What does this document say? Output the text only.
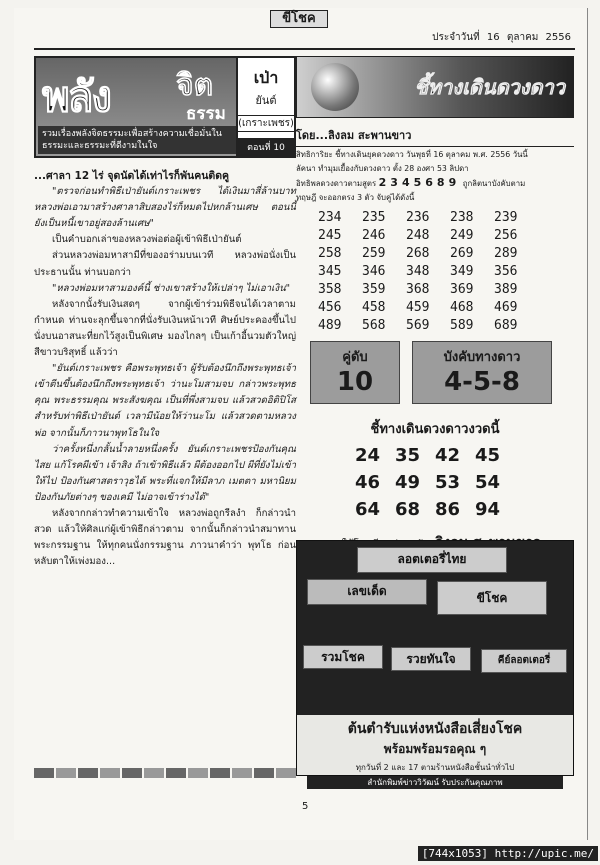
ขีโชค
ประจำวันที่ 16 ตุลาคม 2556
พลัง จิต
ธรรม
รวมเรื่องพลังจิตธรรมะเพื่อสร้างความเชื่อมั่นในธรรมะและธรรมะที่ดีงามในใจ
เป่า
ยันต์
(เกราะเพชร)
ตอนที่ 10
...ศาลา 12 ไร่ จุดนัดได้เท่าไรก็พันคนติดคู

"ตรวจก่อนทำพิธีเป่ายันต์เกราะเพชร ได้เงินมาสี่ล้านบาท หลวงพ่อเอามาสร้างศาลาสิบสองไร่ก็หมดไปหกล้านเศษ ตอนนี้ยังเป็นหนี้เขาอยู่สองล้านเศษ"

เป็นคำบอกเล่าของหลวงพ่อต่อผู้เข้าพิธีเป่ายันต์

ส่วนหลวงพ่อมหาสามีที่ของอร่ามบนเวที หลวงพ่อนั่งเป็นประธานนั้น ท่านบอกว่า

"หลวงพ่อมหาสามองค์นี้ ช่างเขาสร้างให้เปล่าๆ ไม่เอาเงิน"

หลังจากนั้งรับเงินสดๆ จากผู้เข้าร่วมพิธีจนได้เวลาตามกำหนด ท่านจะลุกขึ้นจากที่นั่งรับเงินหน้าเวที ศิษย์ประคองขึ้นไปนั่งบนอาสนะที่ยกไว้สูงเป็นพิเศษ มองไกลๆ เป็นเก้าอี้นวมตัวใหญ่สีขาวบริสุทธิ์ แล้วว่า

"ยันต์เกราะเพชร คือพระพุทธเจ้า ผู้รับต้องนึกถึงพระพุทธเจ้า เข้าตีนขึ้นต้องนึกถึงพระพุทธเจ้า ว่านะโมสามจบ กล่าวพระพุทธคุณ พระธรรมคุณ พระสังฆคุณ เป็นที่พึ่งสามจบ แล้วสวดอิติปิโส สำหรับท่าพิธีเป่ายันต์ เวลามีน้อยให้ว่านะโม แล้วสวดตามหลวงพ่อ จากนั้นก็ภาวนาพุทโธในใจ

ว่าครั้งหนึ่งกลั้นน้ำลายหนึ่งครั้ง ยันต์เกราะเพชรป้องกันคุณไสย แก้โรคผีเข้า เจ้าสิง ถ้าเข้าพิธีแล้ว ผีต้องออกไป ผีที่ยังไม่เข้าให้ไป ป้องกันศาสตราวุธได้ พระที่แจกให้มีลาภ เมตตา มหานิยม ป้องกันภัยต่างๆ ของเคมี ไม่อาจเข้าร่างได้"

หลังจากกล่าวทำความเข้าใจ หลวงพ่อถูกรีลงำ ก็กล่าวนำสวด แล้วให้ศิลแก่ผู้เข้าพิธีกล่าวตาม จากนั้นก็กล่าวนำสมาทานพระกรรมฐาน ให้ทุกคนนั่งกรรมฐาน ภาวนาคำว่า พุทโธ ก่อนหลับตาให้เพ่งมอง...

ชี้ทางเดินดวงดาว
โดย...ลิงลม สะพานขาว
สิทธิการิยะ ชี้ทางเดินยุคดวงดาว วันพุธที่ 16 ตุลาคม พ.ศ. 2556 วันนี้
ลัคนา ทำมุมเยื้องกับดวงดาว ตั้ง 28 องศา 53 ลิปดา
อิทธิพลดวงดาวตามสูตร 2345689 ถูกลิตนาบังคับตาม
ทฤษฎี จะออกตรง 3 ตัว จับคู่ได้ดังนี้
234	235	236	238	239
245	246	248	249	256
258	259	268	269	289
345	346	348	349	356
358	359	368	369	389
456	458	459	468	469
489	568	569	589	689
คู่ดับ
10
บังคับทางดาว
4-5-8
ชี้ทางเดินดวงดาวงวดนี้
24 35 42 45
46 49 53 54
64 68 86 94
ลอตเตอรี่ไทย
เลขเด็ด	ขีโชค
รวมโชค	รวยทันใจ	คีย์ลอตเตอรี่
ต้นตำรับแห่งหนังสือเสี่ยงโชค
พร้อมพร้อมรอคุณ ๆ
ทุกวันที่ 2 และ 17 ตามร้านหนังสือชั้นนำทั่วไป
สำนักพิมพ์ข่าววิวัฒน์ รับประกันคุณภาพ
5
[744x1053] http://upic.me/
